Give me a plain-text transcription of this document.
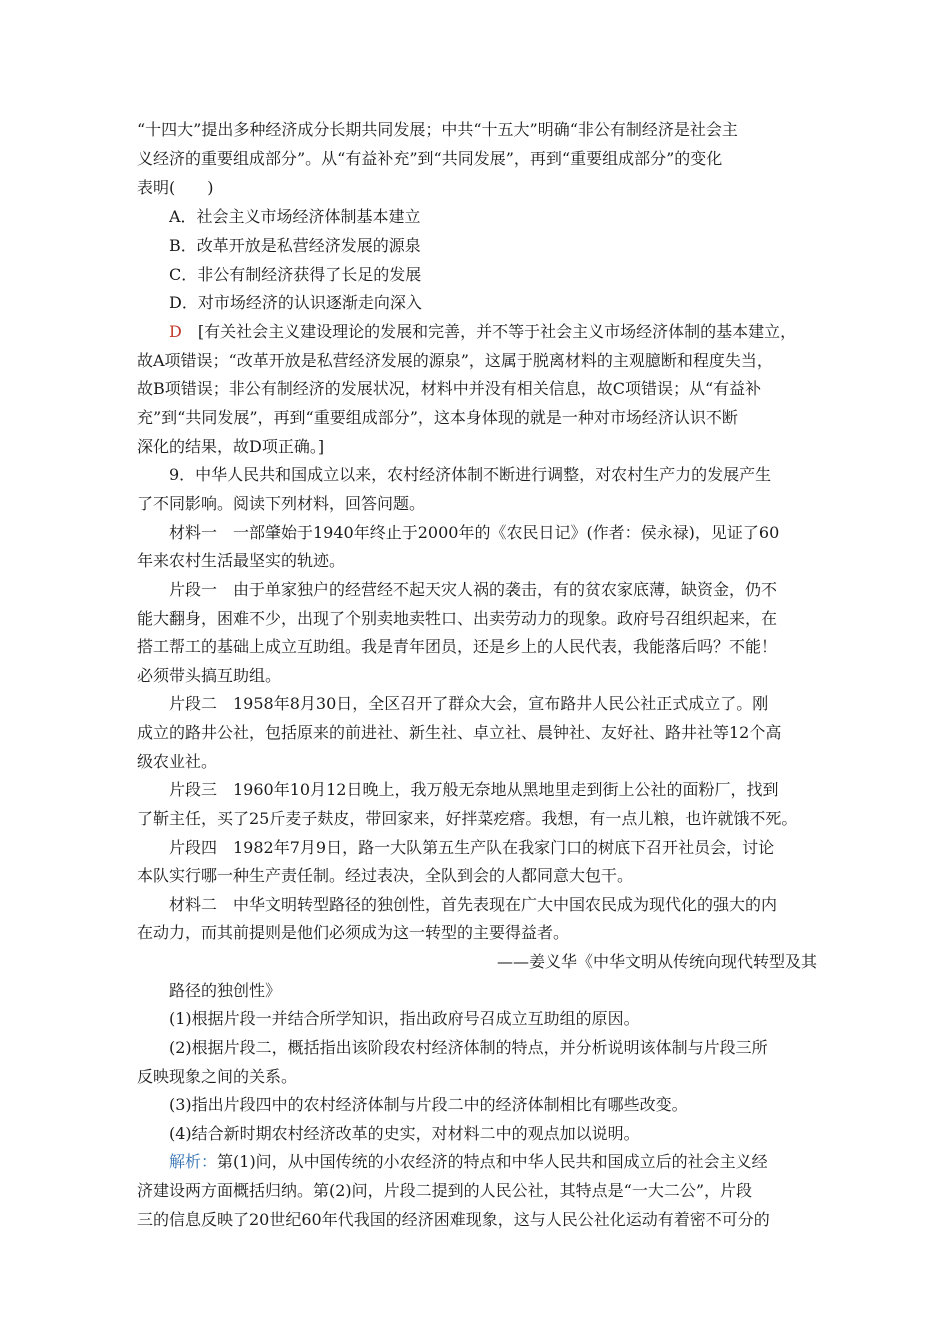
“十四大”提出多种经济成分长期共同发展；中共“十五大”明确“非公有制经济是社会主
义经济的重要组成部分”。从“有益补充”到“共同发展”，再到“重要组成部分”的变化
表明(　　)
A．社会主义市场经济体制基本建立
B．改革开放是私营经济发展的源泉
C．非公有制经济获得了长足的发展
D．对市场经济的认识逐渐走向深入
D　[有关社会主义建设理论的发展和完善，并不等于社会主义市场经济体制的基本建立，
故A项错误；“改革开放是私营经济发展的源泉”，这属于脱离材料的主观臆断和程度失当，
故B项错误；非公有制经济的发展状况，材料中并没有相关信息，故C项错误；从“有益补
充”到“共同发展”，再到“重要组成部分”，这本身体现的就是一种对市场经济认识不断
深化的结果，故D项正确。]
9．中华人民共和国成立以来，农村经济体制不断进行调整，对农村生产力的发展产生
了不同影响。阅读下列材料，回答问题。
材料一　一部肇始于1940年终止于2000年的《农民日记》(作者：侯永禄)，见证了60
年来农村生活最坚实的轨迹。
片段一　由于单家独户的经营经不起天灾人祸的袭击，有的贫农家底薄，缺资金，仍不
能大翻身，困难不少，出现了个别卖地卖牲口、出卖劳动力的现象。政府号召组织起来，在
搭工帮工的基础上成立互助组。我是青年团员，还是乡上的人民代表，我能落后吗？不能！
必须带头搞互助组。
片段二　1958年8月30日，全区召开了群众大会，宣布路井人民公社正式成立了。刚
成立的路井公社，包括原来的前进社、新生社、卓立社、晨钟社、友好社、路井社等12个高
级农业社。
片段三　1960年10月12日晚上，我万般无奈地从黑地里走到街上公社的面粉厂，找到
了靳主任，买了25斤麦子麸皮，带回家来，好拌菜疙瘩。我想，有一点儿粮，也许就饿不死。
片段四　1982年7月9日，路一大队第五生产队在我家门口的树底下召开社员会，讨论
本队实行哪一种生产责任制。经过表决，全队到会的人都同意大包干。
材料二　中华文明转型路径的独创性，首先表现在广大中国农民成为现代化的强大的内
在动力，而其前提则是他们必须成为这一转型的主要得益者。
——姜义华《中华文明从传统向现代转型及其
路径的独创性》
(1)根据片段一并结合所学知识，指出政府号召成立互助组的原因。
(2)根据片段二，概括指出该阶段农村经济体制的特点，并分析说明该体制与片段三所
反映现象之间的关系。
(3)指出片段四中的农村经济体制与片段二中的经济体制相比有哪些改变。
(4)结合新时期农村经济改革的史实，对材料二中的观点加以说明。
解析：第(1)问，从中国传统的小农经济的特点和中华人民共和国成立后的社会主义经
济建设两方面概括归纳。第(2)问，片段二提到的人民公社，其特点是“一大二公”，片段
三的信息反映了20世纪60年代我国的经济困难现象，这与人民公社化运动有着密不可分的
